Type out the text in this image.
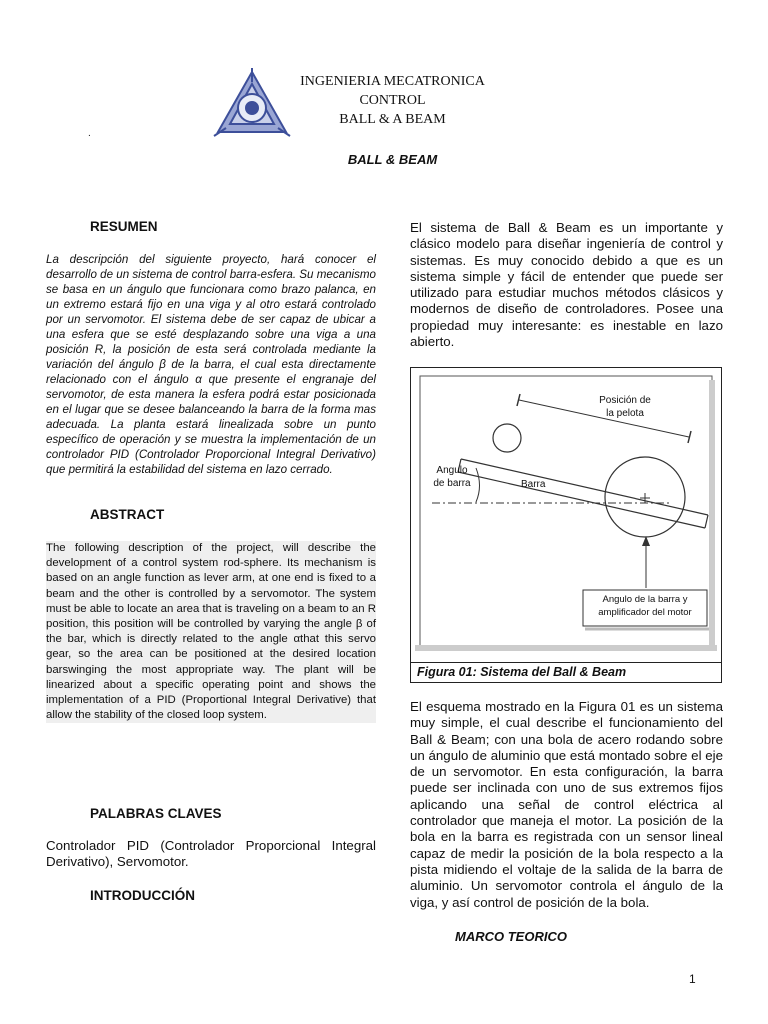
INGENIERIA MECATRONICA
CONTROL
BALL & A BEAM
.
BALL & BEAM
RESUMEN
La descripción del siguiente proyecto, hará conocer el desarrollo de un sistema de control barra-esfera. Su mecanismo se basa en un ángulo que funcionara como brazo palanca, en un extremo estará fijo en una viga y al otro estará controlado por un servomotor. El sistema debe de ser capaz de ubicar a una esfera que se esté desplazando sobre una viga a una posición R, la posición de esta será controlada mediante la variación del ángulo β de la barra, el cual esta directamente relacionado con el ángulo α que presente el engranaje del servomotor, de esta manera la esfera podrá estar posicionada en el lugar que se desee balanceando la barra de la forma mas adecuada. La planta estará linealizada sobre un punto específico de operación y se muestra la implementación de un controlador PID (Controlador Proporcional Integral Derivativo) que permitirá la estabilidad del sistema en lazo cerrado.
ABSTRACT
The following description of the project, will describe the development of a control system rod-sphere. Its mechanism is based on an angle function as lever arm, at one end is fixed to a beam and the other is controlled by a servomotor. The system must be able to locate an area that is traveling on a beam to an R position, this position will be controlled by varying the angle β of the bar, which is directly related to the angle αthat this servo gear, so the area can be positioned at the desired location barswinging the most appropriate way. The plant will be linearized about a specific operating point and shows the implementation of a PID (Proportional Integral Derivative) that allow the stability of the closed loop system.
PALABRAS CLAVES
Controlador PID (Controlador Proporcional Integral Derivativo), Servomotor.
INTRODUCCIÓN
El sistema de Ball & Beam es un importante y clásico modelo para diseñar ingeniería de control y sistemas. Es muy conocido debido a que es un sistema simple y fácil de entender que puede ser utilizado para estudiar muchos métodos clásicos y modernos de diseño de controladores. Posee una propiedad muy interesante: es inestable en lazo abierto.
Posición de
la pelota
Angulo
de barra	Barra
Angulo de la barra y
amplificador del motor
Figura 01: Sistema del Ball & Beam
El esquema mostrado en la Figura 01 es un sistema muy simple, el cual describe el funcionamiento del Ball & Beam; con una bola de acero rodando sobre un ángulo de aluminio que está montado sobre el eje de un servomotor. En esta configuración, la barra puede ser inclinada con uno de sus extremos fijos aplicando una señal de control eléctrica al controlador que maneja el motor. La posición de la bola en la barra es registrada con un sensor lineal capaz de medir la posición de la bola respecto a la pista midiendo el voltaje de la salida de la barra de aluminio. Un servomotor controla el ángulo de la viga, y así control de posición de la bola.
MARCO TEORICO
1
